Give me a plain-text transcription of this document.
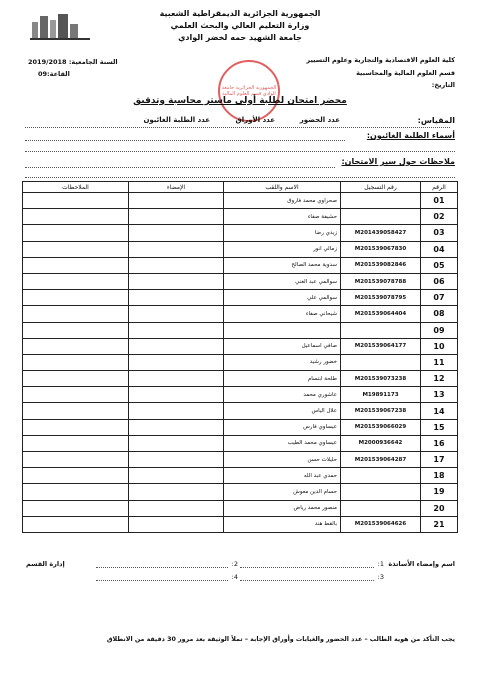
الجمهورية الجزائرية الديمقراطية الشعبية
وزارة التعليم العالي والبحث العلمي
جامعة الشهيد حمه لخضر الوادي
كلية العلوم الاقتصادية والتجارية وعلوم التسيير
قسم العلوم المالية والمحاسبية
التاريخ:
السنة الجامعية: 2019/2018
القاعة:09
الجمهورية الجزائرية جامعة الوادي قسم العلوم المالية
محضر امتحان لطلبة أولى ماستر محاسبة وتدقيق
المقياس:
عدد الحضور
عدد الأوراق
عدد الطلبة الغائبون
أسماء الطلبة الغائبون:
ملاحظات حول سير الامتحان:
الرقم	رقم التسجيل	الاسم واللقب	الإمضاء	الملاحظات
01		صحراوي محمد فاروق		
02		حشيفة صفاء		
03	M201439058427	زيدي رضا		
04	M201539067830	زمالي انور		
05	M201539082846	سدوية محمد الصالح		
06	M201539078788	سوالمي عبد الغني		
07	M201539078795	سوالمي علي		
08	M201539064404	شيحاني صفاء		
09				
10	M201539064177	صافي اسماعيل		
11		خضور رشيد		
12	M201539073238	طلحة ابتسام		
13	M19891173	عاشوري محمد		
14	M201539067238	علال الياس		
15	M201539066029	عيساوي فارس		
16	M2000936642	عيساوي محمد الطيب		
17	M201539064287	حليلات حسن		
18		حمدي عبد الله		
19		حسام الدين معوش		
20		منصور محمد رياض		
21	M201539064626	بالقط هند		
اسم وإمضاء الأساتذة
1:
2:
إدارة القسم
3:
4:
يجب التأكد من هوية الطالب – عدد الحضور والغيابات وأوراق الإجابة – تملأ الوثيقة بعد مرور 30 دقيقة من الانطلاق
